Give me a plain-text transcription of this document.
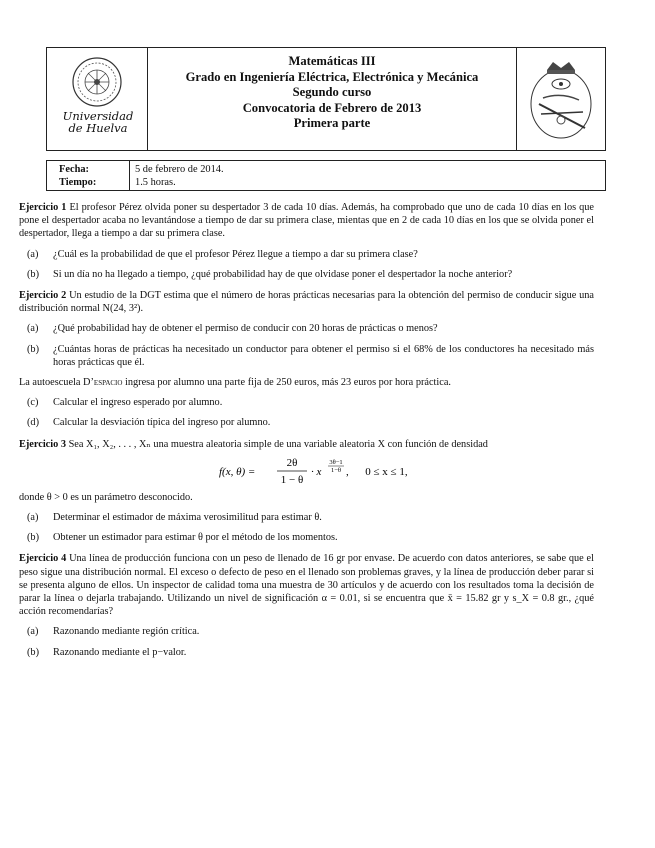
Universidad
de Huelva
Matemáticas III
Grado en Ingeniería Eléctrica, Electrónica y Mecánica
Segundo curso
Convocatoria de Febrero de 2013
Primera parte
Fecha:	5 de febrero de 2014.
Tiempo:	1.5 horas.

Ejercicio 1 El profesor Pérez olvida poner su despertador 3 de cada 10 días. Además, ha comprobado que uno de cada 10 días en los que pone el despertador acaba no levantándose a tiempo de dar su primera clase, mientas que en 2 de cada 10 días en los que se olvida poner el despertador, llega a tiempo a dar su primera clase.

(a) ¿Cuál es la probabilidad de que el profesor Pérez llegue a tiempo a dar su primera clase?
(b) Si un día no ha llegado a tiempo, ¿qué probabilidad hay de que olvidase poner el despertador la noche anterior?

Ejercicio 2 Un estudio de la DGT estima que el número de horas prácticas necesarias para la obtención del permiso de conducir sigue una distribución normal N(24, 3²).

(a) ¿Qué probabilidad hay de obtener el permiso de conducir con 20 horas de prácticas o menos?
(b) ¿Cuántas horas de prácticas ha necesitado un conductor para obtener el permiso si el 68% de los conductores ha necesitado más horas prácticas que él.

La autoescuela D’espacio ingresa por alumno una parte fija de 250 euros, más 23 euros por hora práctica.

(c) Calcular el ingreso esperado por alumno.
(d) Calcular la desviación típica del ingreso por alumno.

Ejercicio 3 Sea X₁, X₂, . . . , Xₙ una muestra aleatoria simple de una variable aleatoria X con función de densidad

f(x, θ) =
2θ
1 − θ
· x
3θ−1
1−θ ,      0 ≤ x ≤ 1,

donde θ > 0 es un parámetro desconocido.

(a) Determinar el estimador de máxima verosimilitud para estimar θ.
(b) Obtener un estimador para estimar θ por el método de los momentos.

Ejercicio 4 Una línea de producción funciona con un peso de llenado de 16 gr por envase. De acuerdo con datos anteriores, se sabe que el peso sigue una distribución normal. El exceso o defecto de peso en el llenado son problemas graves, y la línea de producción deber parar si se presenta alguno de ellos. Un inspector de calidad toma una muestra de 30 artículos y de acuerdo con los resultados toma la decisión de parar la línea o dejarla trabajando. Utilizando un nivel de significación α = 0.01, si se encuentra que x̄ = 15.82 gr y s_X = 0.8 gr., ¿qué acción recomendarías?

(a) Razonando mediante región crítica.
(b) Razonando mediante el p−valor.
